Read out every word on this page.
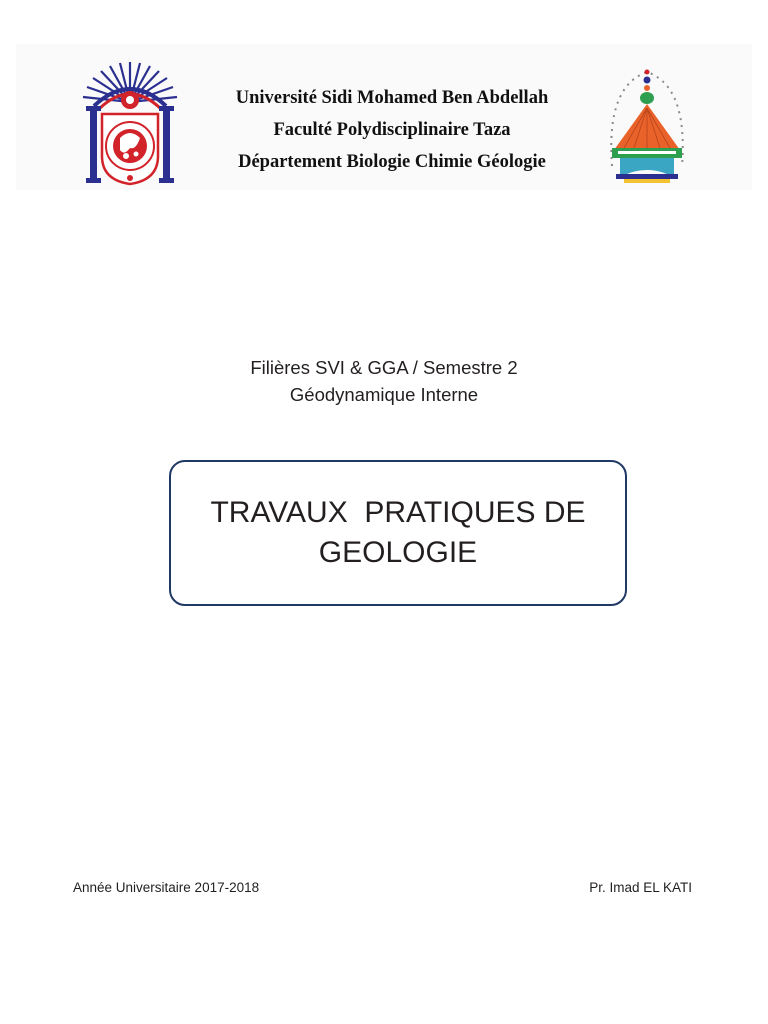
Université Sidi Mohamed Ben Abdellah
Faculté Polydisciplinaire Taza
Département Biologie Chimie Géologie
Filières SVI & GGA / Semestre 2
Géodynamique Interne
TRAVAUX  PRATIQUES DE
GEOLOGIE
Année Universitaire 2017-2018	Pr. Imad EL KATI
